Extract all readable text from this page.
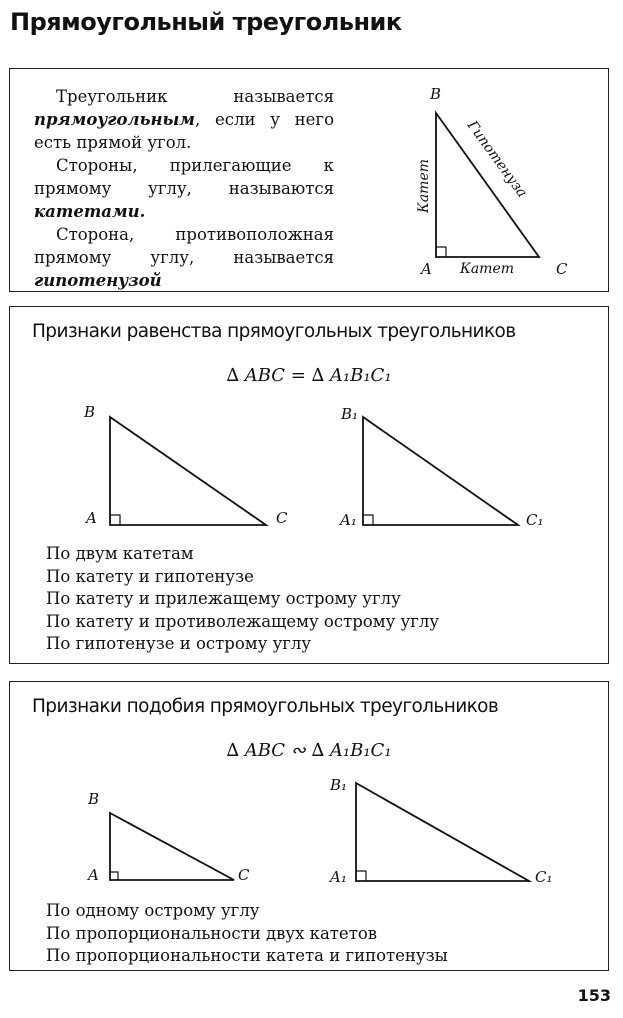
Прямоугольный треугольник

Треугольник называется прямоугольным, если у него есть прямой угол.

Стороны, прилегающие к прямому углу, называются катетами.

Сторона, противоположная прямому углу, называется гипотенузой

B
A	C
Катет
Катет
Гипотенуза
Признаки равенства прямоугольных треугольников
∆ ABC = ∆ A₁B₁C₁
B
A	C
B₁
A₁	C₁
По двум катетам
По катету и гипотенузе
По катету и прилежащему острому углу
По катету и противолежащему острому углу
По гипотенузе и острому углу
Признаки подобия прямоугольных треугольников
∆ ABC ∾ ∆ A₁B₁C₁
B
A	C
B₁
A₁	C₁
По одному острому углу
По пропорциональности двух катетов
По пропорциональности катета и гипотенузы
153
